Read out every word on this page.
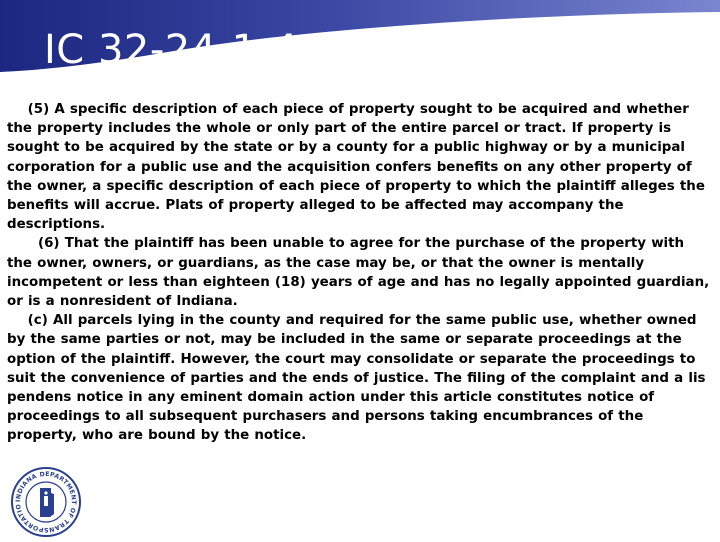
IC 32-24-1-4 Continues…

(5) A specific description of each piece of property sought to be acquired and whether the property includes the whole or only part of the entire parcel or tract. If property is sought to be acquired by the state or by a county for a public highway or by a municipal corporation for a public use and the acquisition confers benefits on any other property of the owner, a specific description of each piece of property to which the plaintiff alleges the benefits will accrue. Plats of property alleged to be affected may accompany the descriptions.

(6) That the plaintiff has been unable to agree for the purchase of the property with the owner, owners, or guardians, as the case may be, or that the owner is mentally incompetent or less than eighteen (18) years of age and has no legally appointed guardian, or is a nonresident of Indiana.

(c) All parcels lying in the county and required for the same public use, whether owned by the same parties or not, may be included in the same or separate proceedings at the option of the plaintiff. However, the court may consolidate or separate the proceedings to suit the convenience of parties and the ends of justice. The filing of the complaint and a lis pendens notice in any eminent domain action under this article constitutes notice of proceedings to all subsequent purchasers and persons taking encumbrances of the property, who are bound by the notice.

INDIANA DEPARTMENT OF TRANSPORTATIO
